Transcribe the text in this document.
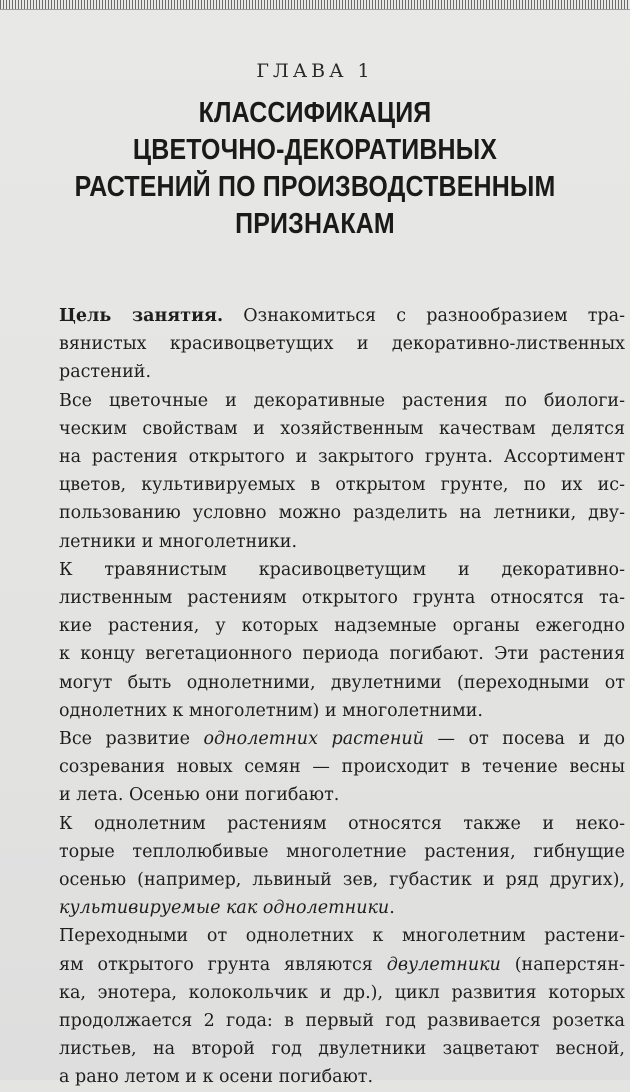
ГЛАВА 1
КЛАССИФИКАЦИЯ
ЦВЕТОЧНО-ДЕКОРАТИВНЫХ
РАСТЕНИЙ ПО ПРОИЗВОДСТВЕННЫМ
ПРИЗНАКАМ

Цель занятия. Ознакомиться с разнообразием тра-
вянистых красивоцветущих и декоративно-лиственных
растений.

Все цветочные и декоративные растения по биологи-
ческим свойствам и хозяйственным качествам делятся
на растения открытого и закрытого грунта. Ассортимент
цветов, культивируемых в открытом грунте, по их ис-
пользованию условно можно разделить на летники, дву-
летники и многолетники.

К травянистым красивоцветущим и декоративно-
лиственным растениям открытого грунта относятся та-
кие растения, у которых надземные органы ежегодно
к концу вегетационного периода погибают. Эти растения
могут быть однолетними, двулетними (переходными от
однолетних к многолетним) и многолетними.

Все развитие однолетних растений — от посева и до
созревания новых семян — происходит в течение весны
и лета. Осенью они погибают.

К однолетним растениям относятся также и неко-
торые теплолюбивые многолетние растения, гибнущие
осенью (например, львиный зев, губастик и ряд других),
культивируемые как однолетники.

Переходными от однолетних к многолетним растени-
ям открытого грунта являются двулетники (наперстян-
ка, энотера, колокольчик и др.), цикл развития которых
продолжается 2 года: в первый год развивается розетка
листьев, на второй год двулетники зацветают весной,
а рано летом и к осени погибают.
